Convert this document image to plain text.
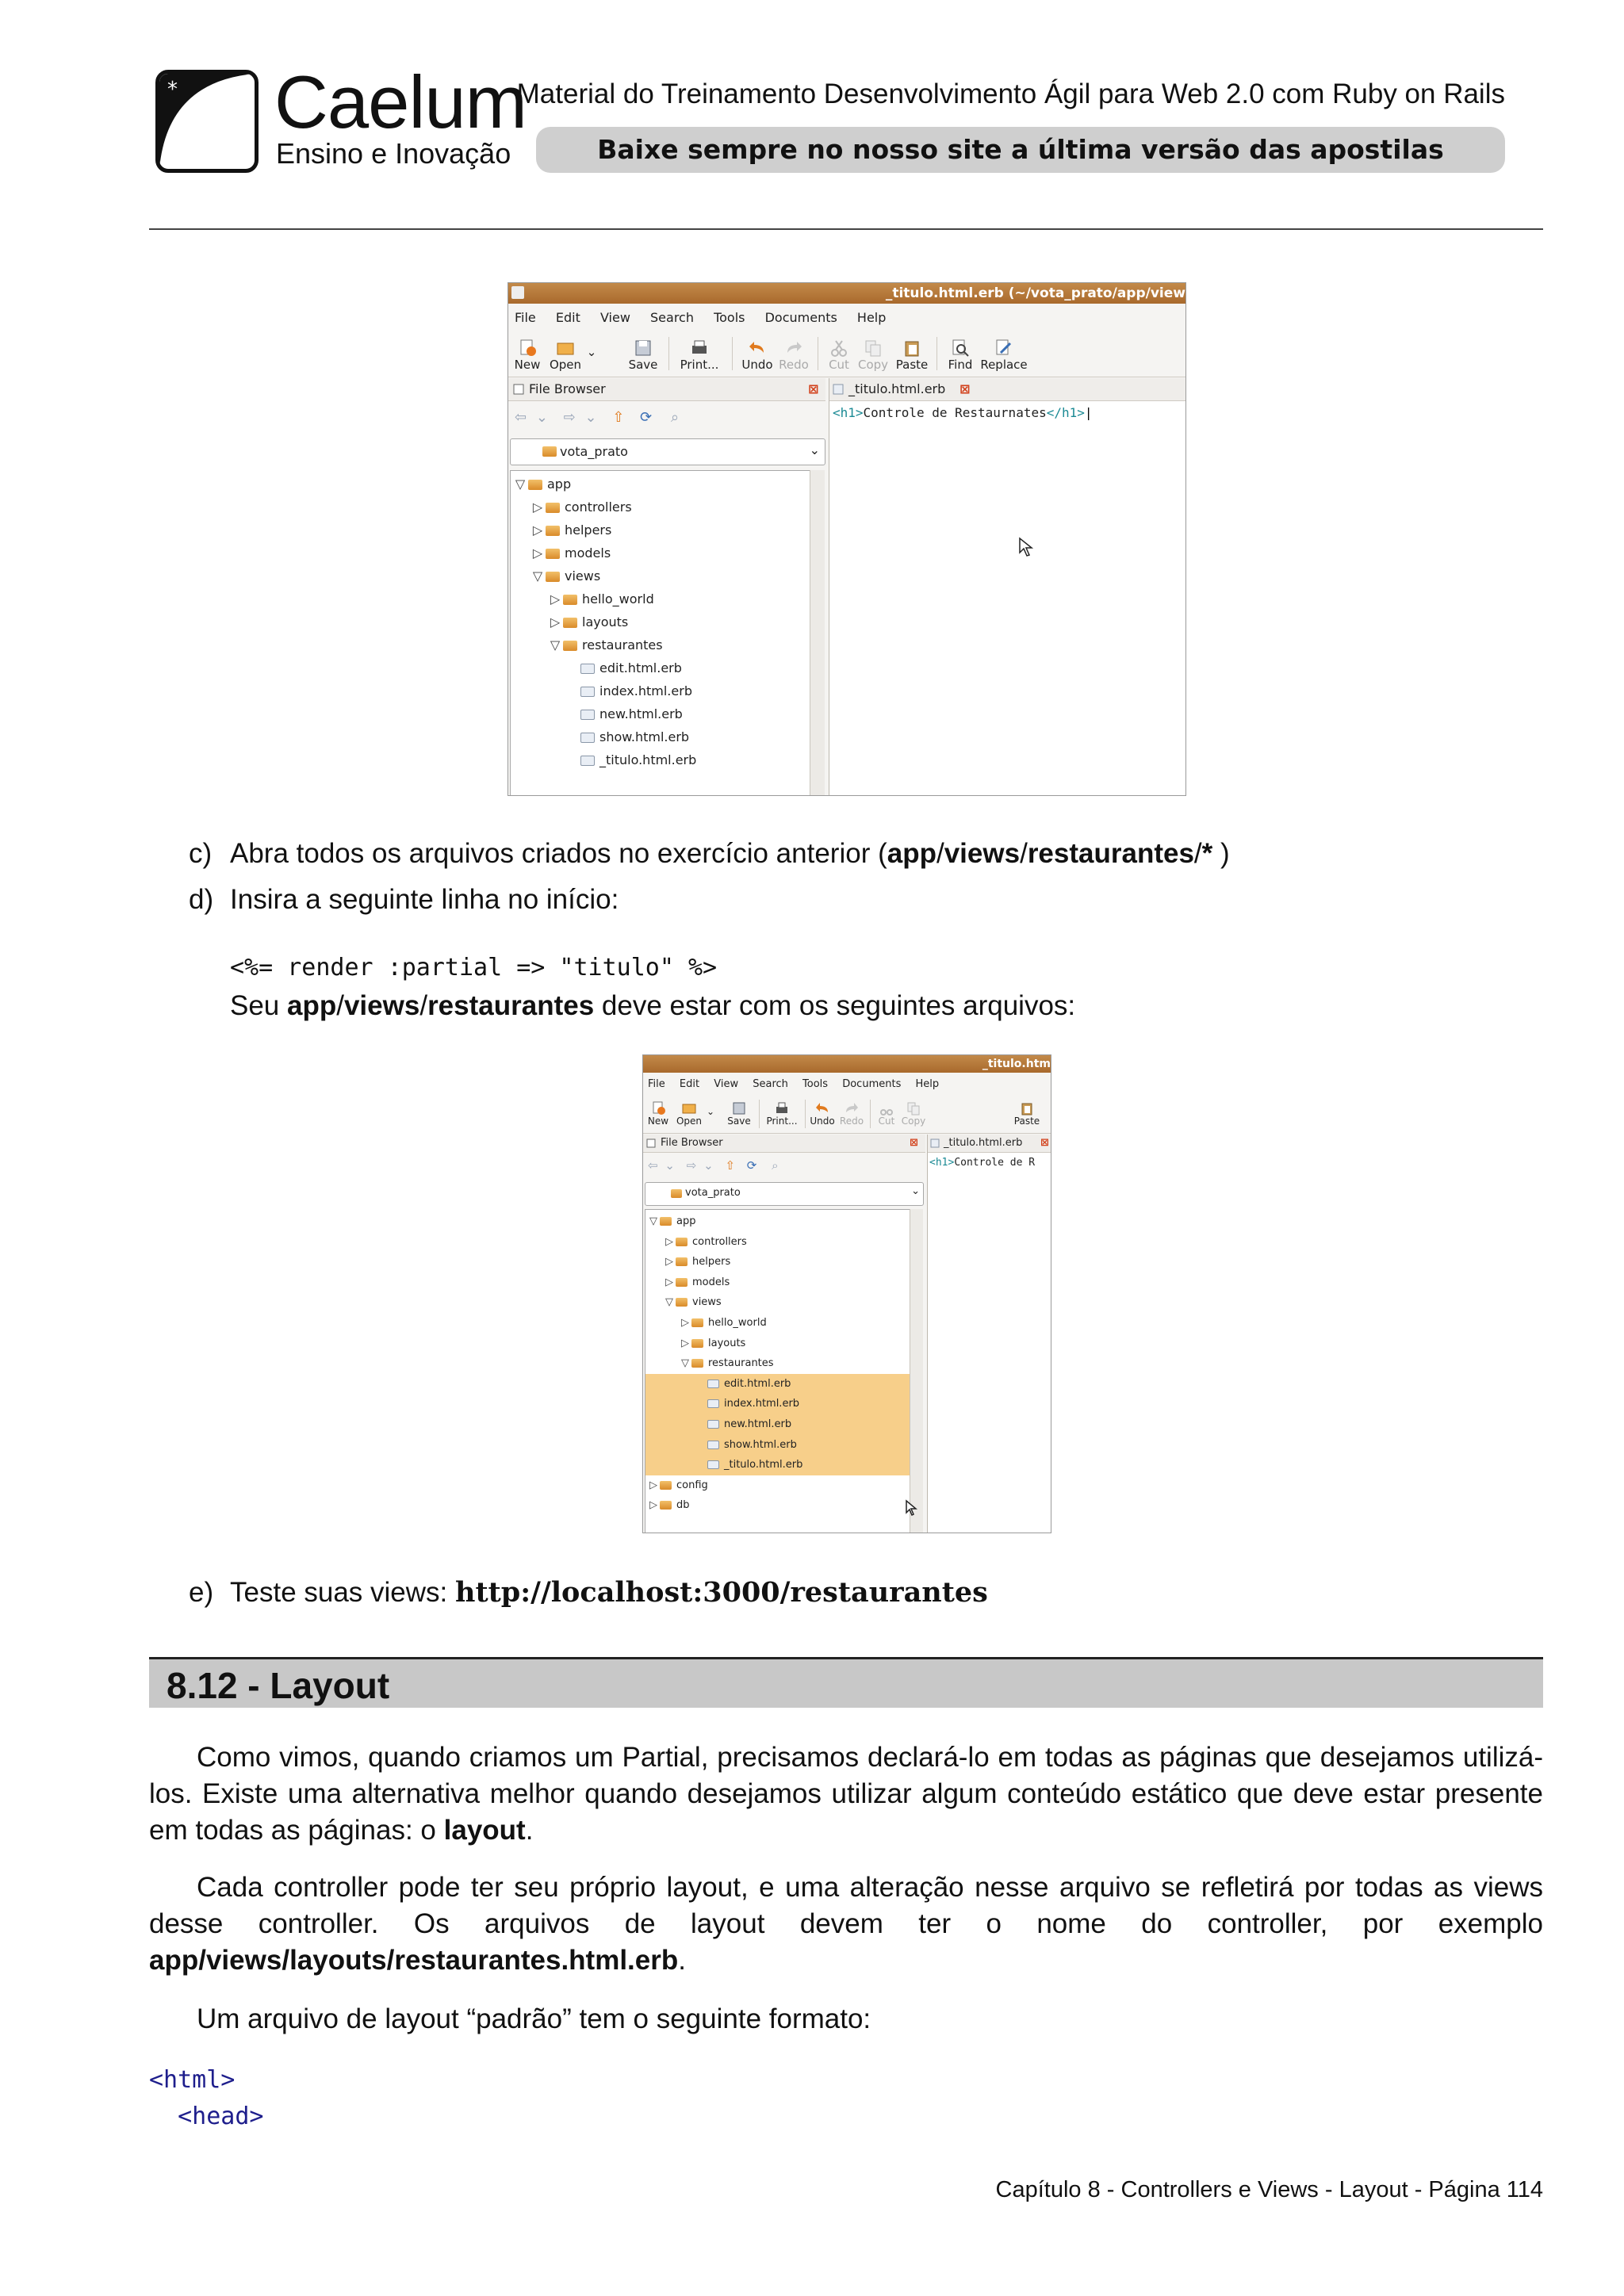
* Caelum
Ensino e Inovação
Material do Treinamento Desenvolvimento Ágil para Web 2.0 com Ruby on Rails
Baixe sempre no nosso site a última versão das apostilas
_titulo.html.erb (~/vota_prato/app/view
File Edit View Search Tools Documents Help
New Open
⌄
Save Print... Undo Redo Cut Copy Paste	Find Replace
File Browser	⊠
⇦ ⌄ ⇨ ⌄ ⇧ ⟳ ⌕
vota_prato	⌄
▽ app
▷ controllers
▷ helpers
▷ models
▽ views
▷ hello_world
▷ layouts
▽ restaurantes
edit.html.erb
index.html.erb
new.html.erb
show.html.erb
_titulo.html.erb
_titulo.html.erb ⊠
<h1>Controle de Restaurnates</h1>|
c) Abra todos os arquivos criados no exercício anterior (app/views/restaurantes/* )
d) Insira a seguinte linha no início:
<%= render :partial => "titulo" %>
Seu app/views/restaurantes deve estar com os seguintes arquivos:
_titulo.htm
File Edit View Search Tools Documents Help
New Open
⌄
Save Print... Undo Redo	Cut Copy	Paste
File Browser	⊠
⇦ ⌄ ⇨ ⌄ ⇧ ⟳ ⌕
vota_prato	⌄
▽ app
▷ controllers
▷ helpers
▷ models
▽ views
▷ hello_world
▷ layouts
▽ restaurantes
edit.html.erb
index.html.erb
new.html.erb
show.html.erb
_titulo.html.erb
▷ config
▷ db
_titulo.html.erb ⊠
<h1>Controle de R
e) Teste suas views: http://localhost:3000/restaurantes
8.12 - Layout

Como vimos, quando criamos um Partial, precisamos declará-lo em todas as páginas que desejamos utilizá-los. Existe uma alternativa melhor quando desejamos utilizar algum conteúdo estático que deve estar presente em todas as páginas: o layout.

Cada controller pode ter seu próprio layout, e uma alteração nesse arquivo se refletirá por todas as views desse controller. Os arquivos de layout devem ter o nome do controller, por exemplo app/views/layouts/restaurantes.html.erb.

Um arquivo de layout “padrão” tem o seguinte formato:

<html>
<head>
Capítulo 8 - Controllers e Views - Layout - Página 114
